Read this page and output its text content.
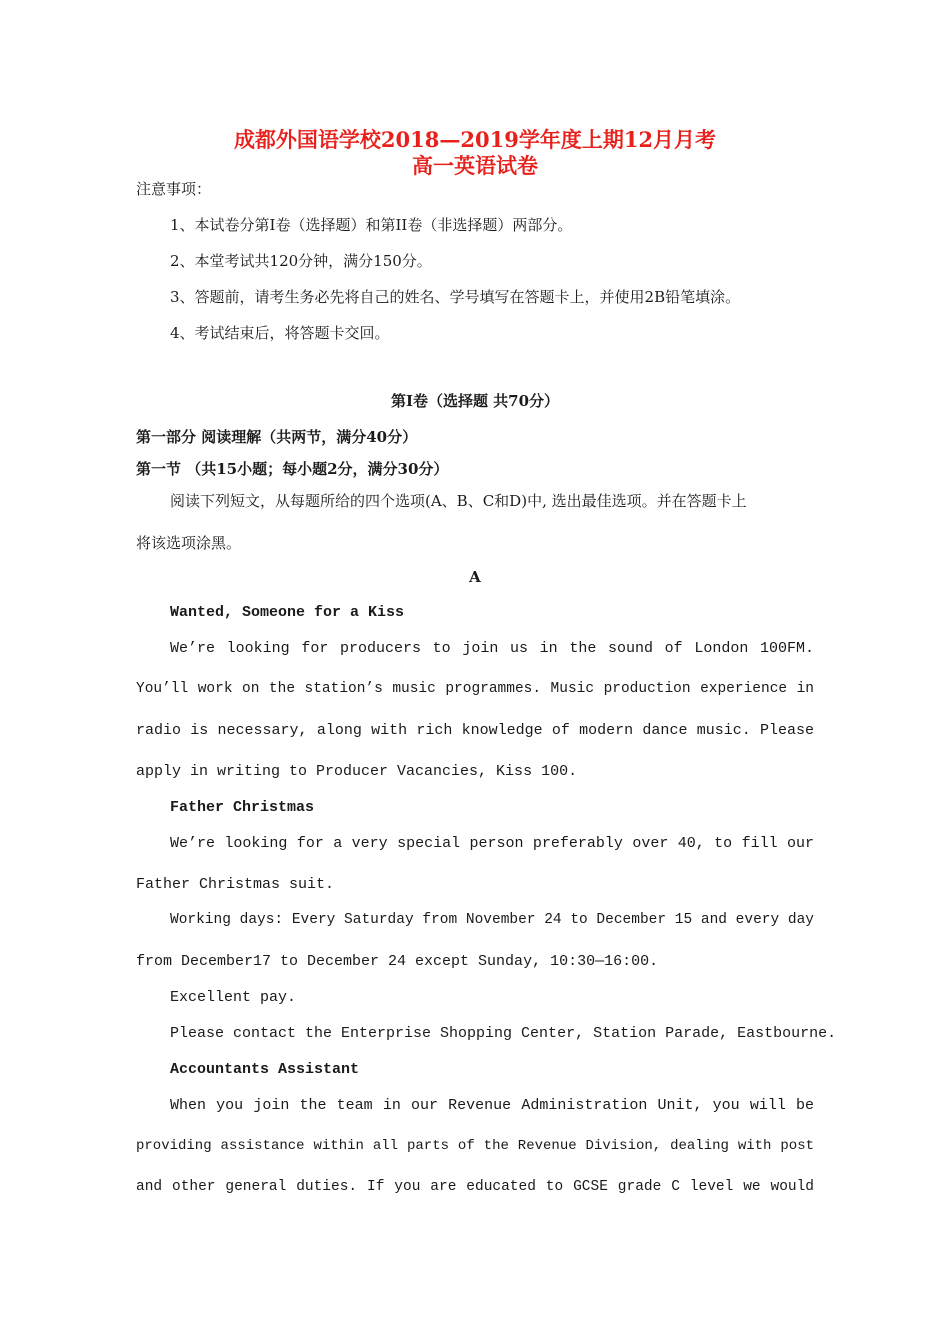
成都外国语学校2018—2019学年度上期12月月考
高一英语试卷
注意事项：
1、本试卷分第Ⅰ卷（选择题）和第II卷（非选择题）两部分。
2、本堂考试共120分钟，满分150分。
3、答题前，请考生务必先将自己的姓名、学号填写在答题卡上，并使用2B铅笔填涂。
4、考试结束后，将答题卡交回。
第Ⅰ卷（选择题 共70分）
第一部分 阅读理解（共两节，满分40分）
第一节 （共15小题；每小题2分，满分30分）
阅读下列短文，从每题所给的四个选项(A、B、C和D)中, 选出最佳选项。并在答题卡上
将该选项涂黑。
A
Wanted, Someone for a Kiss
We’re looking for producers to join us in the sound of London 100FM.
You’ll work on the station’s music programmes. Music production experience in
radio is necessary, along with rich knowledge of modern dance music. Please
apply in writing to Producer Vacancies, Kiss 100.
Father Christmas
We’re looking for a very special person preferably over 40, to fill our
Father Christmas suit.
Working days: Every Saturday from November 24 to December 15 and every day
from December17 to December 24 except Sunday, 10:30—16:00.
Excellent pay.
Please contact the Enterprise Shopping Center, Station Parade, Eastbourne.
Accountants Assistant
When you join the team in our Revenue Administration Unit, you will be
providing assistance within all parts of the Revenue Division, dealing with post
and other general duties. If you are educated to GCSE grade C level we would
